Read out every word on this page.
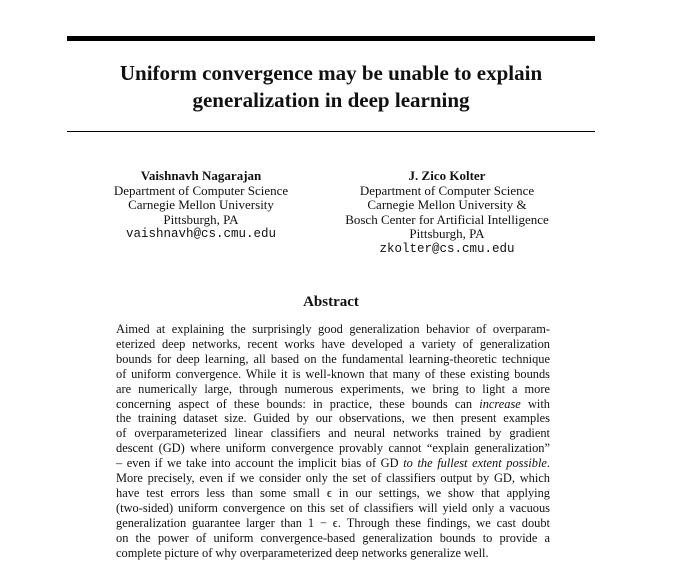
Uniform convergence may be unable to explain
generalization in deep learning
Vaishnavh Nagarajan
Department of Computer Science
Carnegie Mellon University
Pittsburgh, PA
vaishnavh@cs.cmu.edu
J. Zico Kolter
Department of Computer Science
Carnegie Mellon University &
Bosch Center for Artificial Intelligence
Pittsburgh, PA
zkolter@cs.cmu.edu
Abstract
Aimed at explaining the surprisingly good generalization behavior of overparam-
eterized deep networks, recent works have developed a variety of generalization
bounds for deep learning, all based on the fundamental learning-theoretic technique
of uniform convergence. While it is well-known that many of these existing bounds
are numerically large, through numerous experiments, we bring to light a more
concerning aspect of these bounds: in practice, these bounds can increase with
the training dataset size. Guided by our observations, we then present examples
of overparameterized linear classifiers and neural networks trained by gradient
descent (GD) where uniform convergence provably cannot “explain generalization”
– even if we take into account the implicit bias of GD to the fullest extent possible.
More precisely, even if we consider only the set of classifiers output by GD, which
have test errors less than some small ϵ in our settings, we show that applying
(two-sided) uniform convergence on this set of classifiers will yield only a vacuous
generalization guarantee larger than 1 − ϵ. Through these findings, we cast doubt
on the power of uniform convergence-based generalization bounds to provide a
complete picture of why overparameterized deep networks generalize well.
